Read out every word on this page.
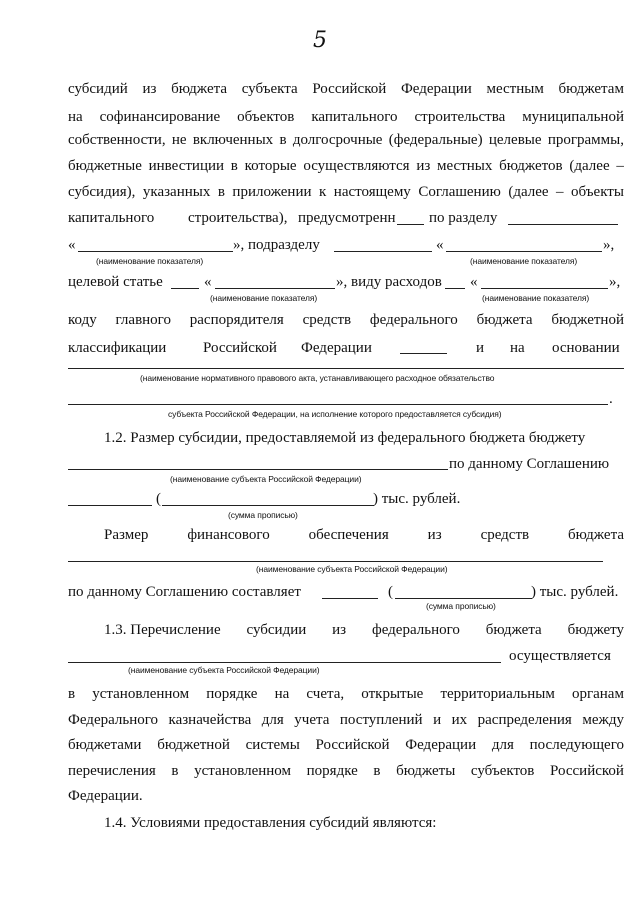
5
субсидий из бюджета субъекта Российской Федерации местным бюджетам
на софинансирование объектов капитального строительства муниципальной
собственности, не включенных в долгосрочные (федеральные) целевые программы,
бюджетные инвестиции в которые осуществляются из местных бюджетов (далее –
субсидия), указанных в приложении к настоящему Соглашению (далее – объекты
капитального строительства), предусмотренн по разделу
«	», подразделу	«	»,
(наименование показателя)	(наименование показателя)
целевой статье	«	», виду расходов «	»,
(наименование показателя)	(наименование показателя)
коду главного распорядителя средств федерального бюджета бюджетной
классификации Российской Федерации	и на основании
(наименование нормативного правового акта, устанавливающего расходное обязательство
.
субъекта Российской Федерации, на исполнение которого предоставляется субсидия)
1.2. Размер субсидии, предоставляемой из федерального бюджета бюджету
по данному Соглашению
(наименование субъекта Российской Федерации)
(	) тыс. рублей.
(сумма прописью)
Размер	финансового	обеспечения	из	средств	бюджета
(наименование субъекта Российской Федерации)
по данному Соглашению составляет	(	) тыс. рублей.
(сумма прописью)
1.3. Перечисление субсидии из федерального бюджета бюджету
осуществляется
(наименование субъекта Российской Федерации)
в установленном порядке на счета, открытые территориальным органам
Федерального казначейства для учета поступлений и их распределения между
бюджетами бюджетной системы Российской Федерации для последующего
перечисления в установленном порядке в бюджеты субъектов Российской
Федерации.
1.4. Условиями предоставления субсидий являются:
